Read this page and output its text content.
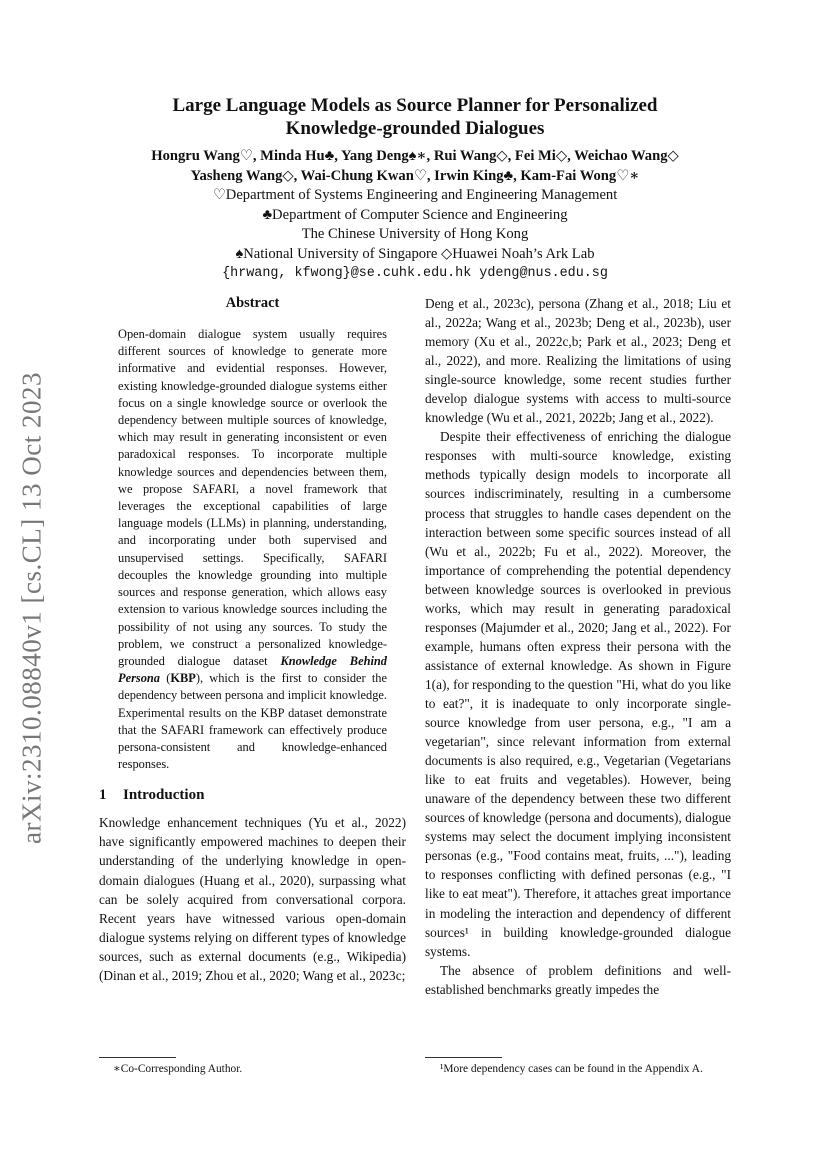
arXiv:2310.08840v1 [cs.CL] 13 Oct 2023
Large Language Models as Source Planner for Personalized
Knowledge-grounded Dialogues
Hongru Wang♡, Minda Hu♣, Yang Deng♠∗, Rui Wang◇, Fei Mi◇, Weichao Wang◇
Yasheng Wang◇, Wai-Chung Kwan♡, Irwin King♣, Kam-Fai Wong♡∗
♡Department of Systems Engineering and Engineering Management
♣Department of Computer Science and Engineering
The Chinese University of Hong Kong
♠National University of Singapore ◇Huawei Noah’s Ark Lab
{hrwang, kfwong}@se.cuhk.edu.hk ydeng@nus.edu.sg
Abstract
Open-domain dialogue system usually requires different sources of knowledge to generate more informative and evidential responses. However, existing knowledge-grounded dialogue systems either focus on a single knowledge source or overlook the dependency between multiple sources of knowledge, which may result in generating inconsistent or even paradoxical responses. To incorporate multiple knowledge sources and dependencies between them, we propose SAFARI, a novel framework that leverages the exceptional capabilities of large language models (LLMs) in planning, understanding, and incorporating under both supervised and unsupervised settings. Specifically, SAFARI decouples the knowledge grounding into multiple sources and response generation, which allows easy extension to various knowledge sources including the possibility of not using any sources. To study the problem, we construct a personalized knowledge-grounded dialogue dataset Knowledge Behind Persona (KBP), which is the first to consider the dependency between persona and implicit knowledge. Experimental results on the KBP dataset demonstrate that the SAFARI framework can effectively produce persona-consistent and knowledge-enhanced responses.
1 Introduction

Knowledge enhancement techniques (Yu et al., 2022) have significantly empowered machines to deepen their understanding of the underlying knowledge in open-domain dialogues (Huang et al., 2020), surpassing what can be solely acquired from conversational corpora. Recent years have witnessed various open-domain dialogue systems relying on different types of knowledge sources, such as external documents (e.g., Wikipedia) (Dinan et al., 2019; Zhou et al., 2020; Wang et al., 2023c;

Deng et al., 2023c), persona (Zhang et al., 2018; Liu et al., 2022a; Wang et al., 2023b; Deng et al., 2023b), user memory (Xu et al., 2022c,b; Park et al., 2023; Deng et al., 2022), and more. Realizing the limitations of using single-source knowledge, some recent studies further develop dialogue systems with access to multi-source knowledge (Wu et al., 2021, 2022b; Jang et al., 2022).

Despite their effectiveness of enriching the dialogue responses with multi-source knowledge, existing methods typically design models to incorporate all sources indiscriminately, resulting in a cumbersome process that struggles to handle cases dependent on the interaction between some specific sources instead of all (Wu et al., 2022b; Fu et al., 2022). Moreover, the importance of comprehending the potential dependency between knowledge sources is overlooked in previous works, which may result in generating paradoxical responses (Majumder et al., 2020; Jang et al., 2022). For example, humans often express their persona with the assistance of external knowledge. As shown in Figure 1(a), for responding to the question "Hi, what do you like to eat?", it is inadequate to only incorporate single-source knowledge from user persona, e.g., "I am a vegetarian", since relevant information from external documents is also required, e.g., Vegetarian (Vegetarians like to eat fruits and vegetables). However, being unaware of the dependency between these two different sources of knowledge (persona and documents), dialogue systems may select the document implying inconsistent personas (e.g., "Food contains meat, fruits, ..."), leading to responses conflicting with defined personas (e.g., "I like to eat meat"). Therefore, it attaches great importance in modeling the interaction and dependency of different sources¹ in building knowledge-grounded dialogue systems.

The absence of problem definitions and well-established benchmarks greatly impedes the

∗Co-Corresponding Author.	¹More dependency cases can be found in the Appendix A.
